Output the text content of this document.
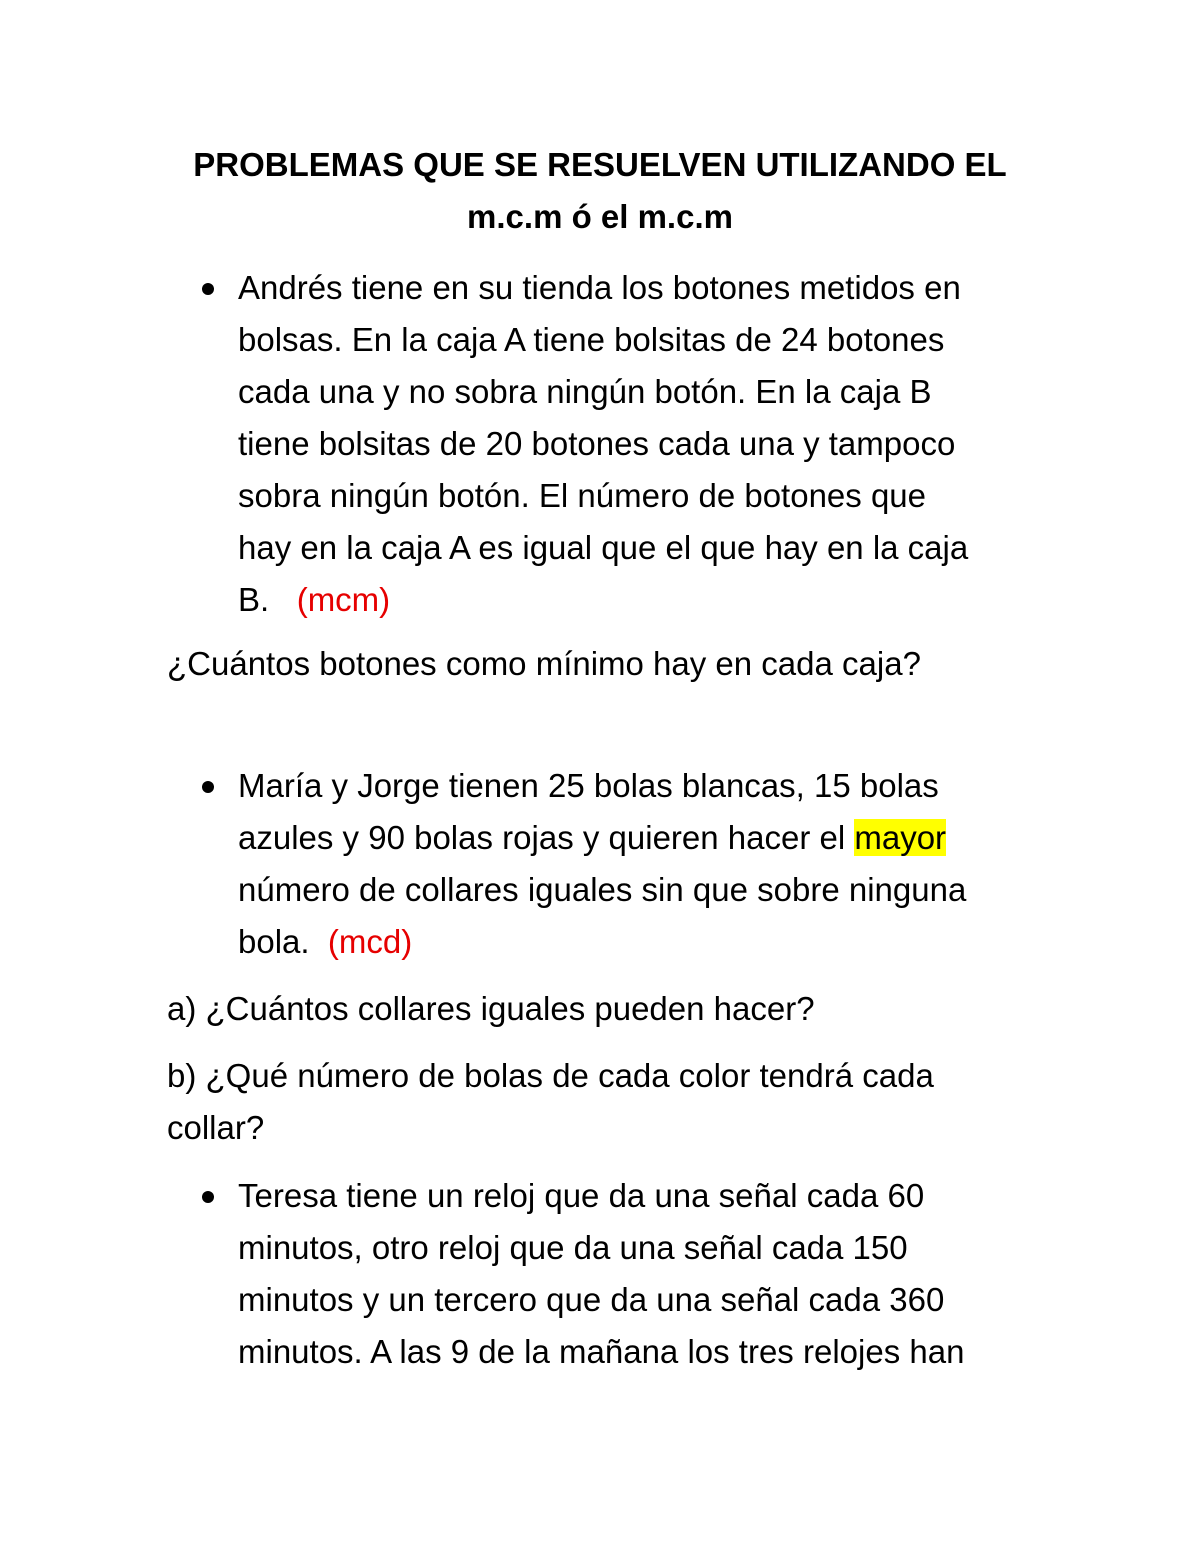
PROBLEMAS QUE SE RESUELVEN UTILIZANDO EL
m.c.m ó el m.c.m
Andrés tiene en su tienda los botones metidos en
bolsas. En la caja A tiene bolsitas de 24 botones
cada una y no sobra ningún botón. En la caja B
tiene bolsitas de 20 botones cada una y tampoco
sobra ningún botón. El número de botones que
hay en la caja A es igual que el que hay en la caja
B. (mcm)
¿Cuántos botones como mínimo hay en cada caja?
María y Jorge tienen 25 bolas blancas, 15 bolas
azules y 90 bolas rojas y quieren hacer el mayor
número de collares iguales sin que sobre ninguna
bola. (mcd)
a) ¿Cuántos collares iguales pueden hacer?
b) ¿Qué número de bolas de cada color tendrá cada
collar?
Teresa tiene un reloj que da una señal cada 60
minutos, otro reloj que da una señal cada 150
minutos y un tercero que da una señal cada 360
minutos. A las 9 de la mañana los tres relojes han
